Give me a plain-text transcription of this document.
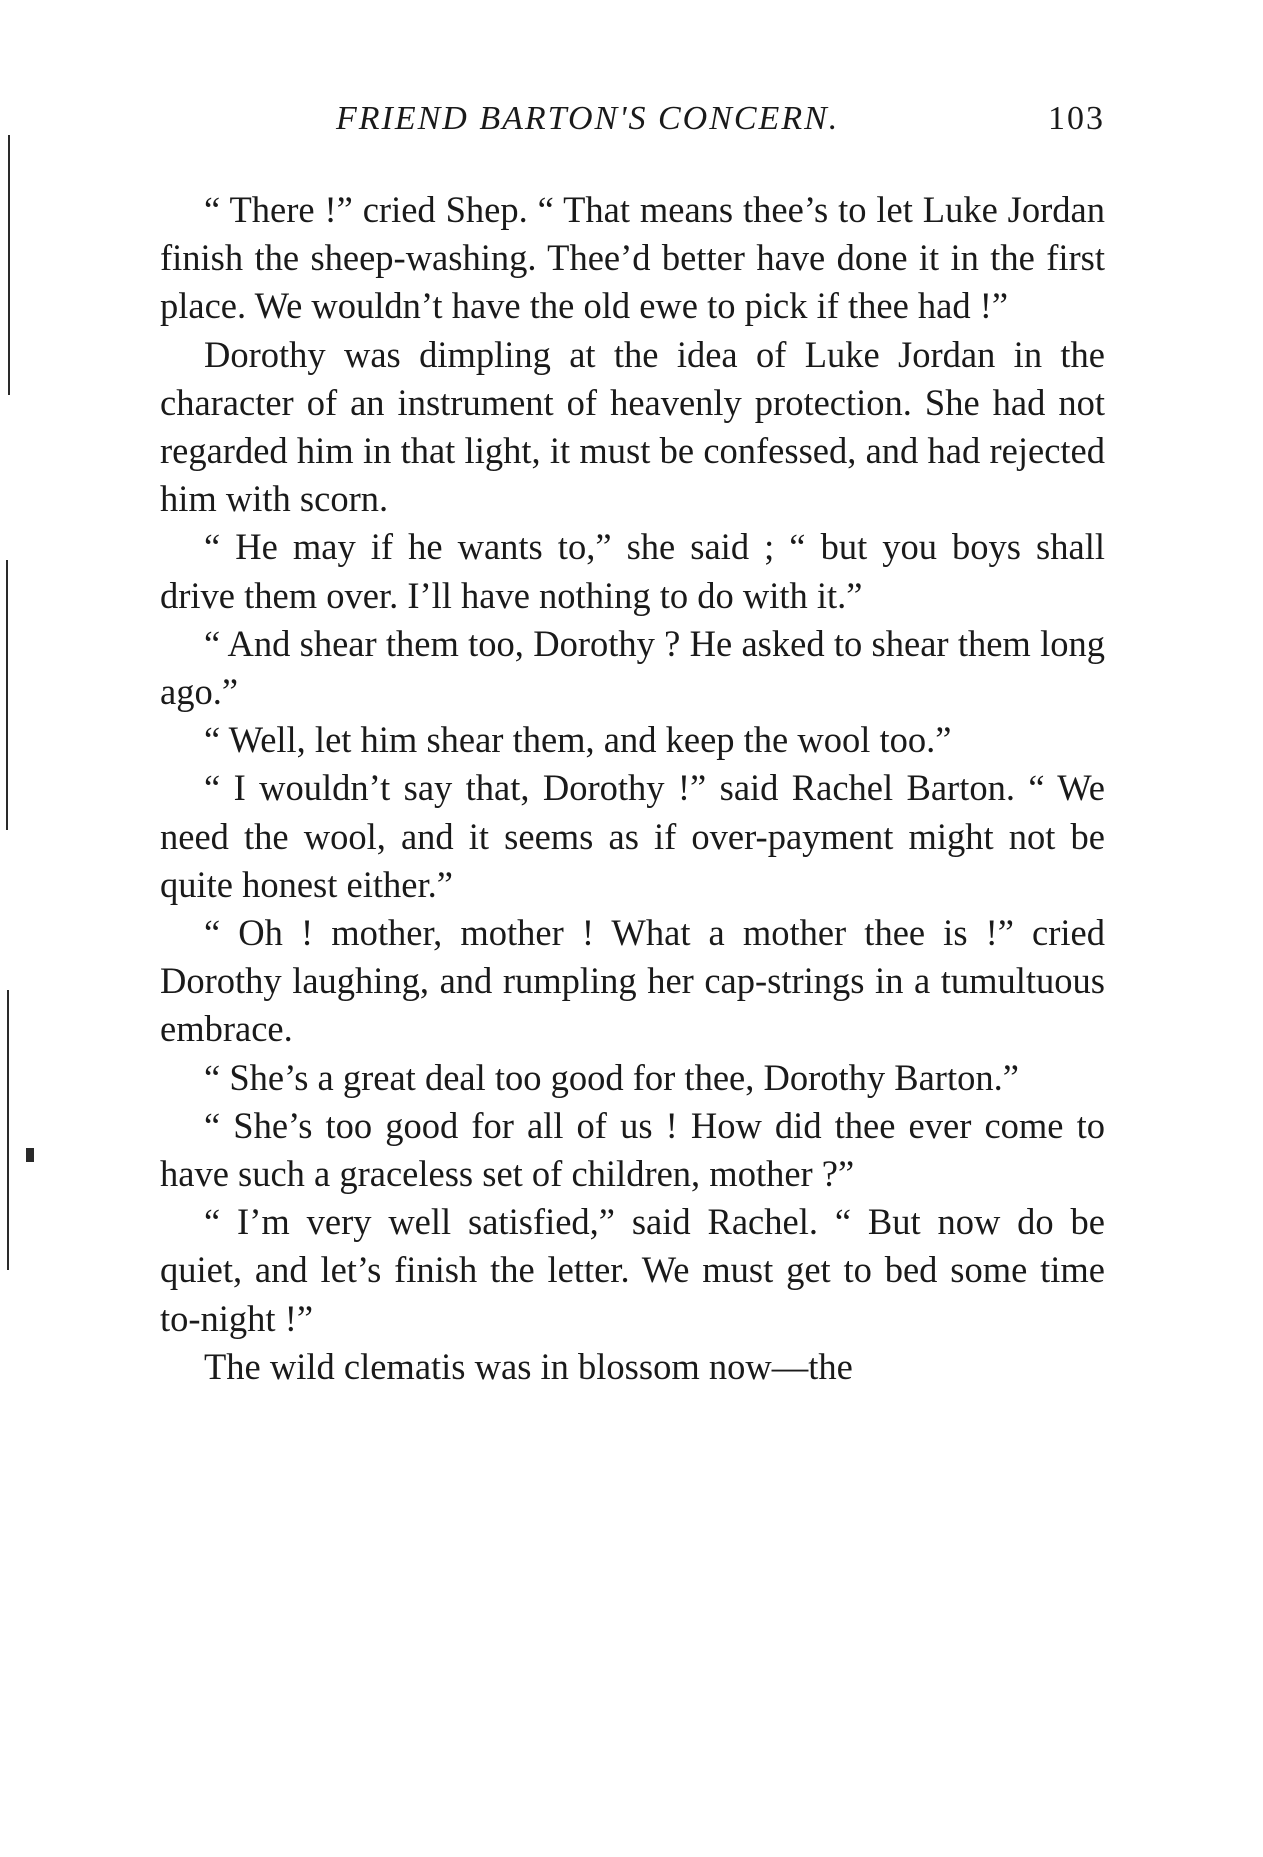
FRIEND BARTON'S CONCERN.	103

“ There !” cried Shep. “ That means thee’s to let Luke Jordan finish the sheep-washing. Thee’d better have done it in the first place. We wouldn’t have the old ewe to pick if thee had !”

Dorothy was dimpling at the idea of Luke Jordan in the character of an instrument of heavenly protection. She had not regarded him in that light, it must be confessed, and had rejected him with scorn.

“ He may if he wants to,” she said ; “ but you boys shall drive them over. I’ll have nothing to do with it.”

“ And shear them too, Dorothy ? He asked to shear them long ago.”

“ Well, let him shear them, and keep the wool too.”

“ I wouldn’t say that, Dorothy !” said Rachel Barton. “ We need the wool, and it seems as if over-payment might not be quite honest either.”

“ Oh ! mother, mother ! What a mother thee is !” cried Dorothy laughing, and rumpling her cap-strings in a tumultuous embrace.

“ She’s a great deal too good for thee, Dorothy Barton.”

“ She’s too good for all of us ! How did thee ever come to have such a graceless set of children, mother ?”

“ I’m very well satisfied,” said Rachel. “ But now do be quiet, and let’s finish the letter. We must get to bed some time to-night !”

The wild clematis was in blossom now—the
